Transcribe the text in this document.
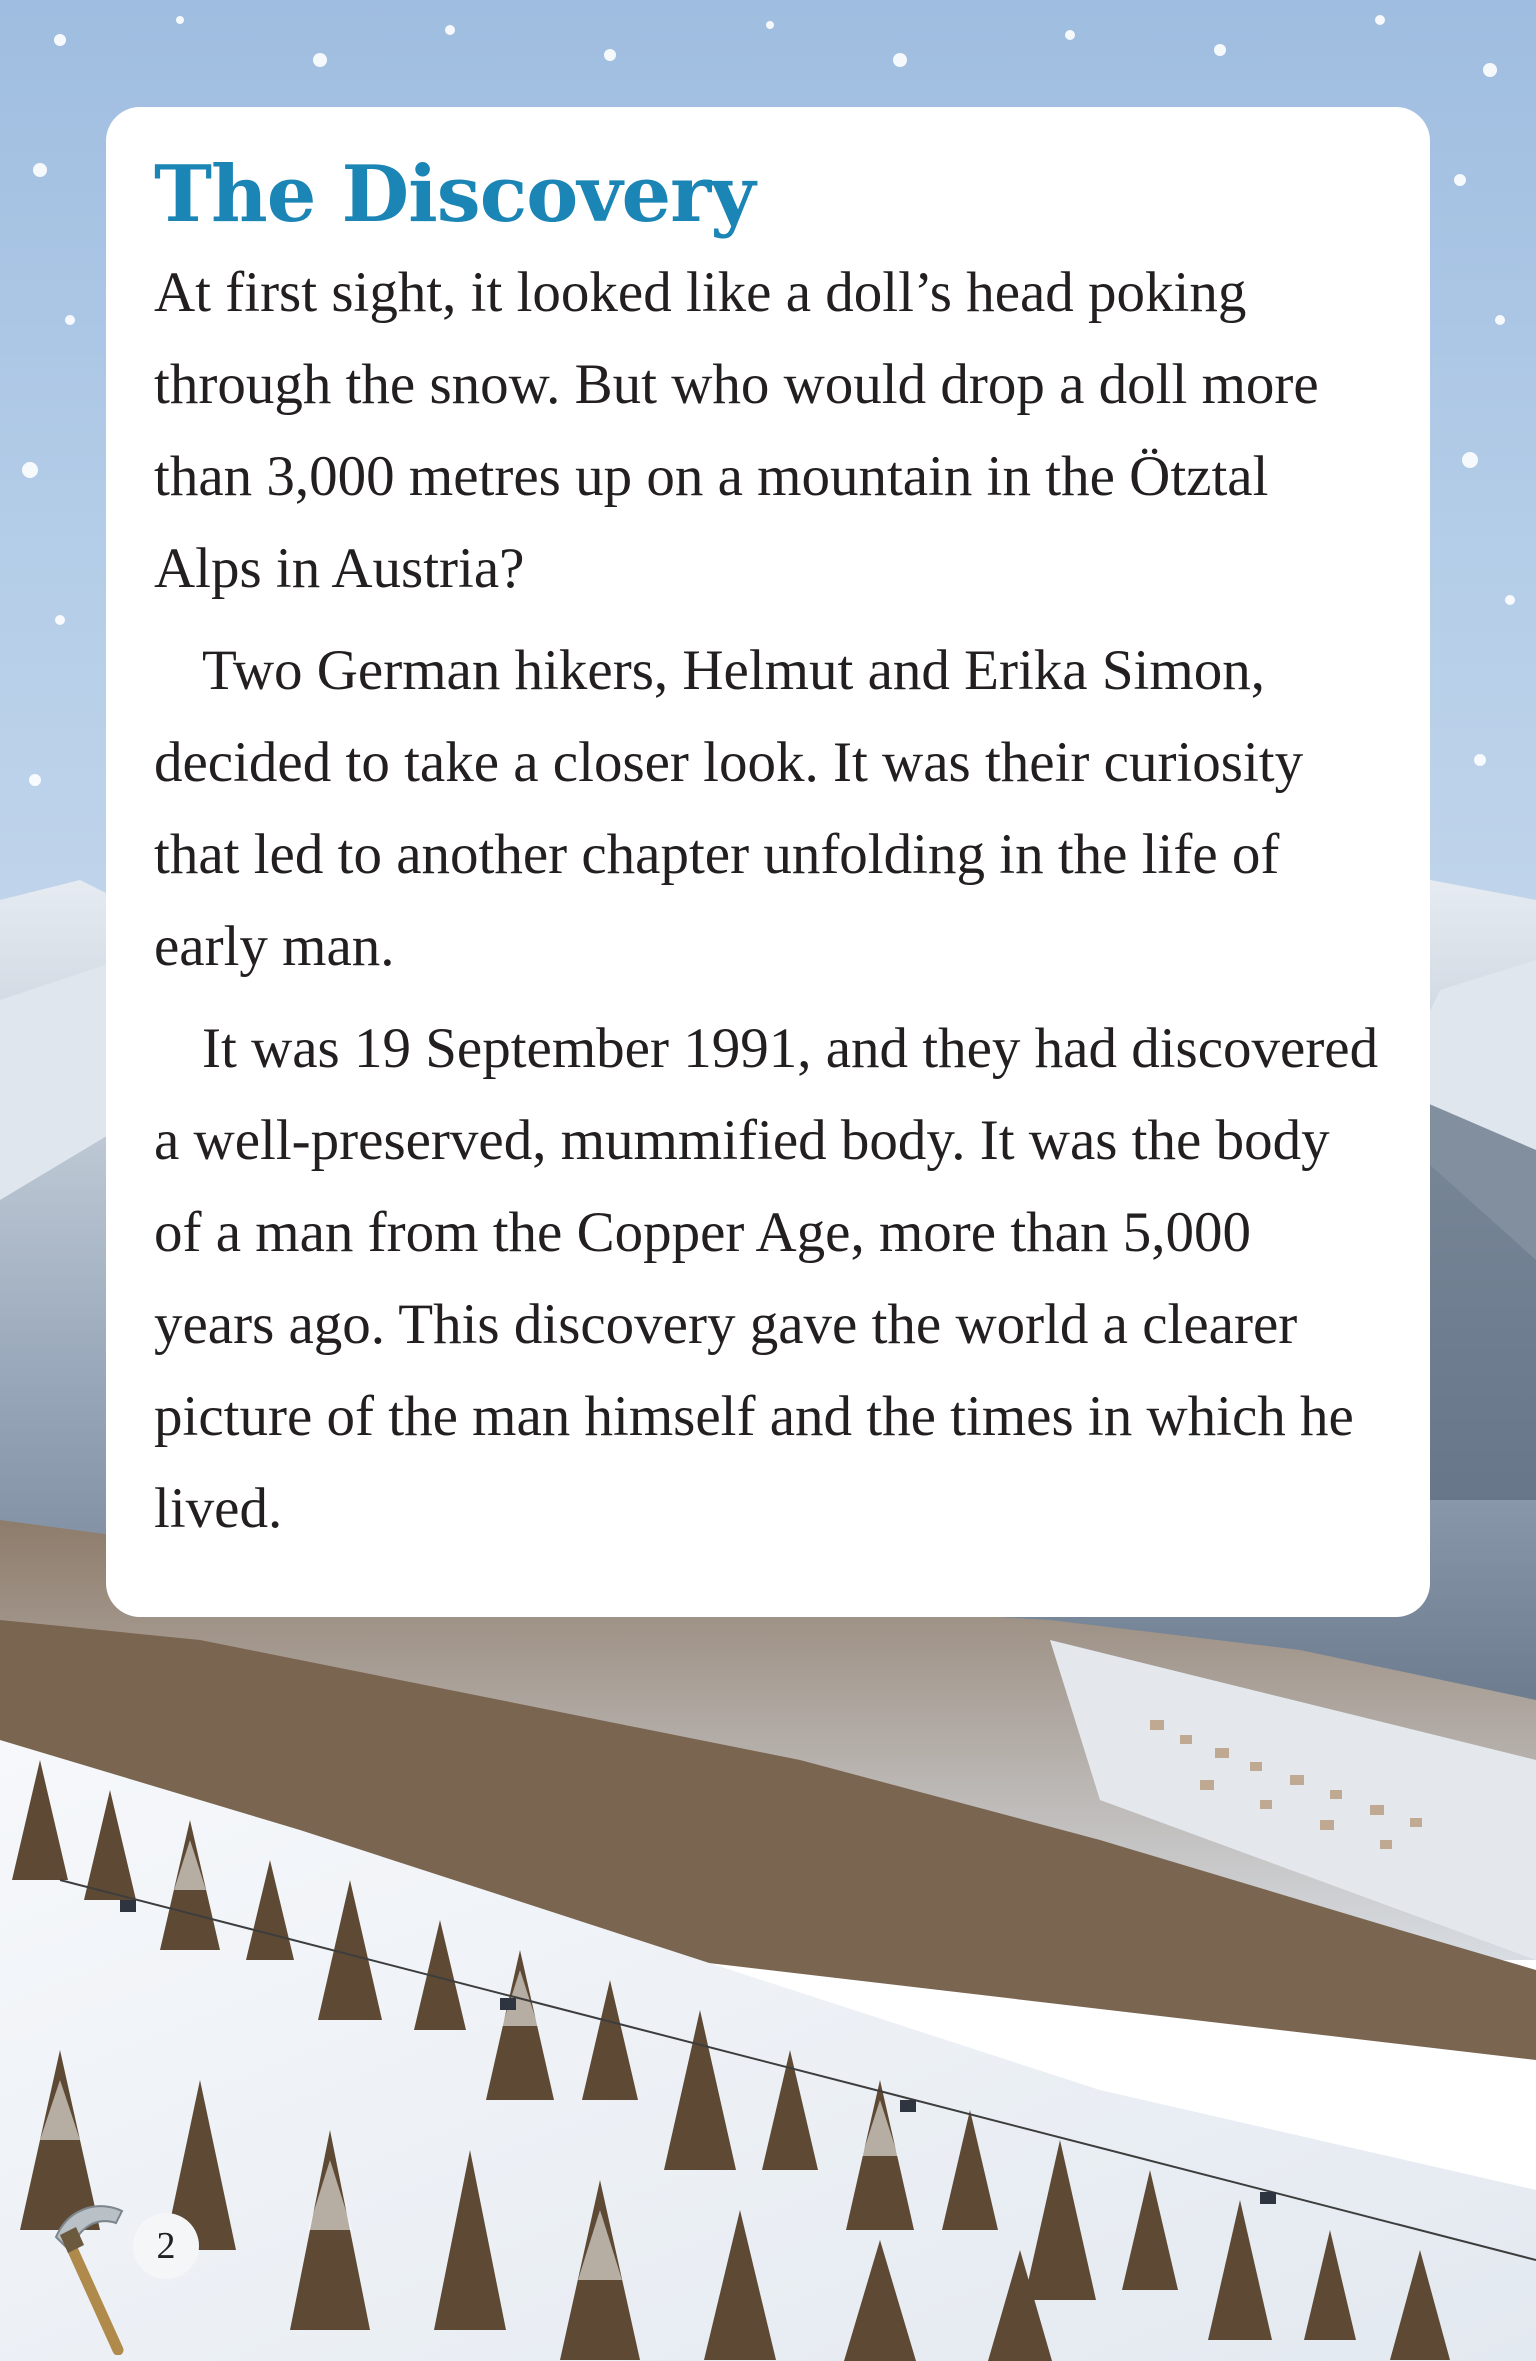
The Discovery

At first sight, it looked like a doll’s head poking through the snow. But who would drop a doll more than 3,000 metres up on a mountain in the Ötztal Alps in Austria?

Two German hikers, Helmut and Erika Simon, decided to take a closer look. It was their curiosity that led to another chapter unfolding in the life of early man.

It was 19 September 1991, and they had discovered a well-preserved, mummified body. It was the body of a man from the Copper Age, more than 5,000 years ago. This discovery gave the world a clearer picture of the man himself and the times in which he lived.

2
